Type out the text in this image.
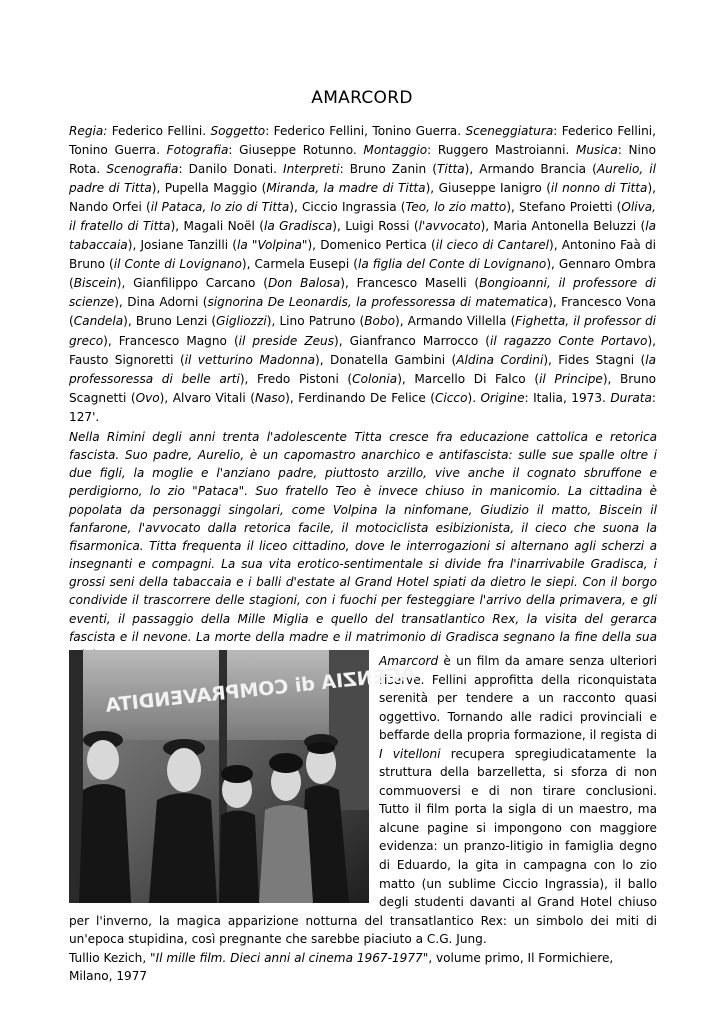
AMARCORD
Regia: Federico Fellini. Soggetto: Federico Fellini, Tonino Guerra. Sceneggiatura: Federico Fellini, Tonino Guerra. Fotografia: Giuseppe Rotunno. Montaggio: Ruggero Mastroianni. Musica: Nino Rota. Scenografia: Danilo Donati. Interpreti: Bruno Zanin (Titta), Armando Brancia (Aurelio, il padre di Titta), Pupella Maggio (Miranda, la madre di Titta), Giuseppe Ianigro (il nonno di Titta), Nando Orfei (il Pataca, lo zio di Titta), Ciccio Ingrassia (Teo, lo zio matto), Stefano Proietti (Oliva, il fratello di Titta), Magali Noël (la Gradisca), Luigi Rossi (l'avvocato), Maria Antonella Beluzzi (la tabaccaia), Josiane Tanzilli (la "Volpina"), Domenico Pertica (il cieco di Cantarel), Antonino Faà di Bruno (il Conte di Lovignano), Carmela Eusepi (la figlia del Conte di Lovignano), Gennaro Ombra (Biscein), Gianfilippo Carcano (Don Balosa), Francesco Maselli (Bongioanni, il professore di scienze), Dina Adorni (signorina De Leonardis, la professoressa di matematica), Francesco Vona (Candela), Bruno Lenzi (Gigliozzi), Lino Patruno (Bobo), Armando Villella (Fighetta, il professor di greco), Francesco Magno (il preside Zeus), Gianfranco Marrocco (il ragazzo Conte Portavo), Fausto Signoretti (il vetturino Madonna), Donatella Gambini (Aldina Cordini), Fides Stagni (la professoressa di belle arti), Fredo Pistoni (Colonia), Marcello Di Falco (il Principe), Bruno Scagnetti (Ovo), Alvaro Vitali (Naso), Ferdinando De Felice (Cicco). Origine: Italia, 1973. Durata: 127'.
Nella Rimini degli anni trenta l'adolescente Titta cresce fra educazione cattolica e retorica fascista. Suo padre, Aurelio, è un capomastro anarchico e antifascista: sulle sue spalle oltre i due figli, la moglie e l'anziano padre, piuttosto arzillo, vive anche il cognato sbruffone e perdigiorno, lo zio "Pataca". Suo fratello Teo è invece chiuso in manicomio. La cittadina è popolata da personaggi singolari, come Volpina la ninfomane, Giudizio il matto, Biscein il fanfarone, l'avvocato dalla retorica facile, il motociclista esibizionista, il cieco che suona la fisarmonica. Titta frequenta il liceo cittadino, dove le interrogazioni si alternano agli scherzi a insegnanti e compagni. La sua vita erotico-sentimentale si divide fra l'inarrivabile Gradisca, i grossi seni della tabaccaia e i balli d'estate al Grand Hotel spiati da dietro le siepi. Con il borgo condivide il trascorrere delle stagioni, con i fuochi per festeggiare l'arrivo della primavera, e gli eventi, il passaggio della Mille Miglia e quello del transatlantico Rex, la visita del gerarca fascista e il nevone. La morte della madre e il matrimonio di Gradisca segnano la fine della sua
AGENZIA di COMPRAVENDITA
Amarcord è un film da amare senza ulteriori riserve. Fellini approfitta della riconquistata serenità per tendere a un racconto quasi oggettivo. Tornando alle radici provinciali e beffarde della propria formazione, il regista di I vitelloni recupera spregiudicatamente la struttura della barzelletta, si sforza di non commuoversi e di non tirare conclusioni. Tutto il film porta la sigla di un maestro, ma alcune pagine si impongono con maggiore evidenza: un pranzo-litigio in famiglia degno di Eduardo, la gita in campagna con lo zio matto (un sublime Ciccio Ingrassia), il ballo degli studenti davanti al Grand Hotel chiuso per l'inverno, la magica apparizione notturna del transatlantico Rex: un simbolo dei miti di un'epoca stupidina, così pregnante che sarebbe piaciuto a C.G. Jung.
Tullio Kezich, "Il mille film. Dieci anni al cinema 1967-1977", volume primo, Il Formichiere, Milano, 1977
